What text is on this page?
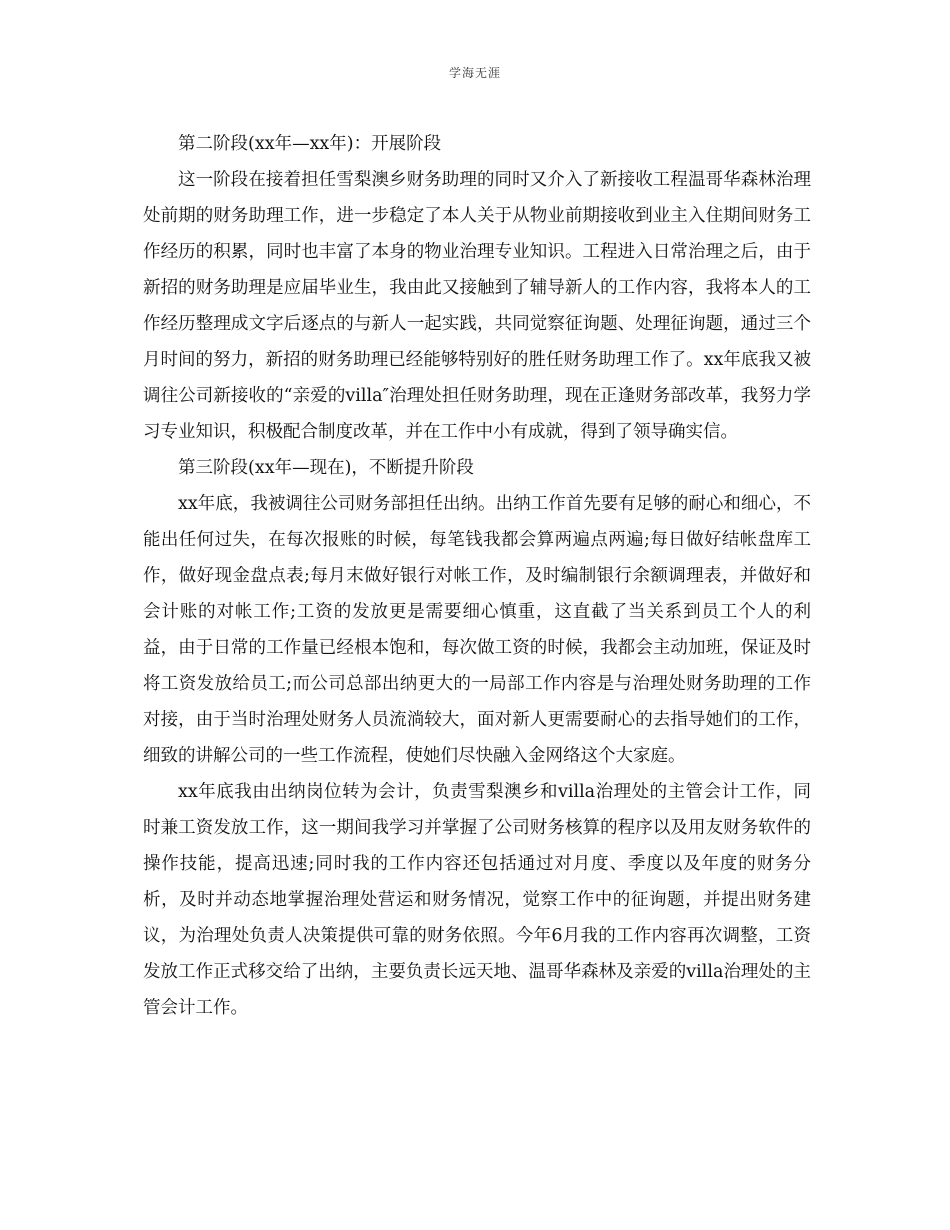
学海无涯

第二阶段(xx年—xx年)：开展阶段

这一阶段在接着担任雪梨澳乡财务助理的同时又介入了新接收工程温哥华森林治理处前期的财务助理工作，进一步稳定了本人关于从物业前期接收到业主入住期间财务工作经历的积累，同时也丰富了本身的物业治理专业知识。工程进入日常治理之后，由于新招的财务助理是应届毕业生，我由此又接触到了辅导新人的工作内容，我将本人的工作经历整理成文字后逐点的与新人一起实践，共同觉察征询题、处理征询题，通过三个月时间的努力，新招的财务助理已经能够特别好的胜任财务助理工作了。xx年底我又被调往公司新接收的“亲爱的villa″治理处担任财务助理，现在正逢财务部改革，我努力学习专业知识，积极配合制度改革，并在工作中小有成就，得到了领导确实信。

第三阶段(xx年—现在)，不断提升阶段

xx年底，我被调往公司财务部担任出纳。出纳工作首先要有足够的耐心和细心，不能出任何过失，在每次报账的时候，每笔钱我都会算两遍点两遍;每日做好结帐盘库工作，做好现金盘点表;每月末做好银行对帐工作，及时编制银行余额调理表，并做好和会计账的对帐工作;工资的发放更是需要细心慎重，这直截了当关系到员工个人的利益，由于日常的工作量已经根本饱和，每次做工资的时候，我都会主动加班，保证及时将工资发放给员工;而公司总部出纳更大的一局部工作内容是与治理处财务助理的工作对接，由于当时治理处财务人员流淌较大，面对新人更需要耐心的去指导她们的工作，细致的讲解公司的一些工作流程，使她们尽快融入金网络这个大家庭。

xx年底我由出纳岗位转为会计，负责雪梨澳乡和villa治理处的主管会计工作，同时兼工资发放工作，这一期间我学习并掌握了公司财务核算的程序以及用友财务软件的操作技能，提高迅速;同时我的工作内容还包括通过对月度、季度以及年度的财务分析，及时并动态地掌握治理处营运和财务情况，觉察工作中的征询题，并提出财务建议，为治理处负责人决策提供可靠的财务依照。今年6月我的工作内容再次调整，工资发放工作正式移交给了出纳，主要负责长远天地、温哥华森林及亲爱的villa治理处的主管会计工作。
